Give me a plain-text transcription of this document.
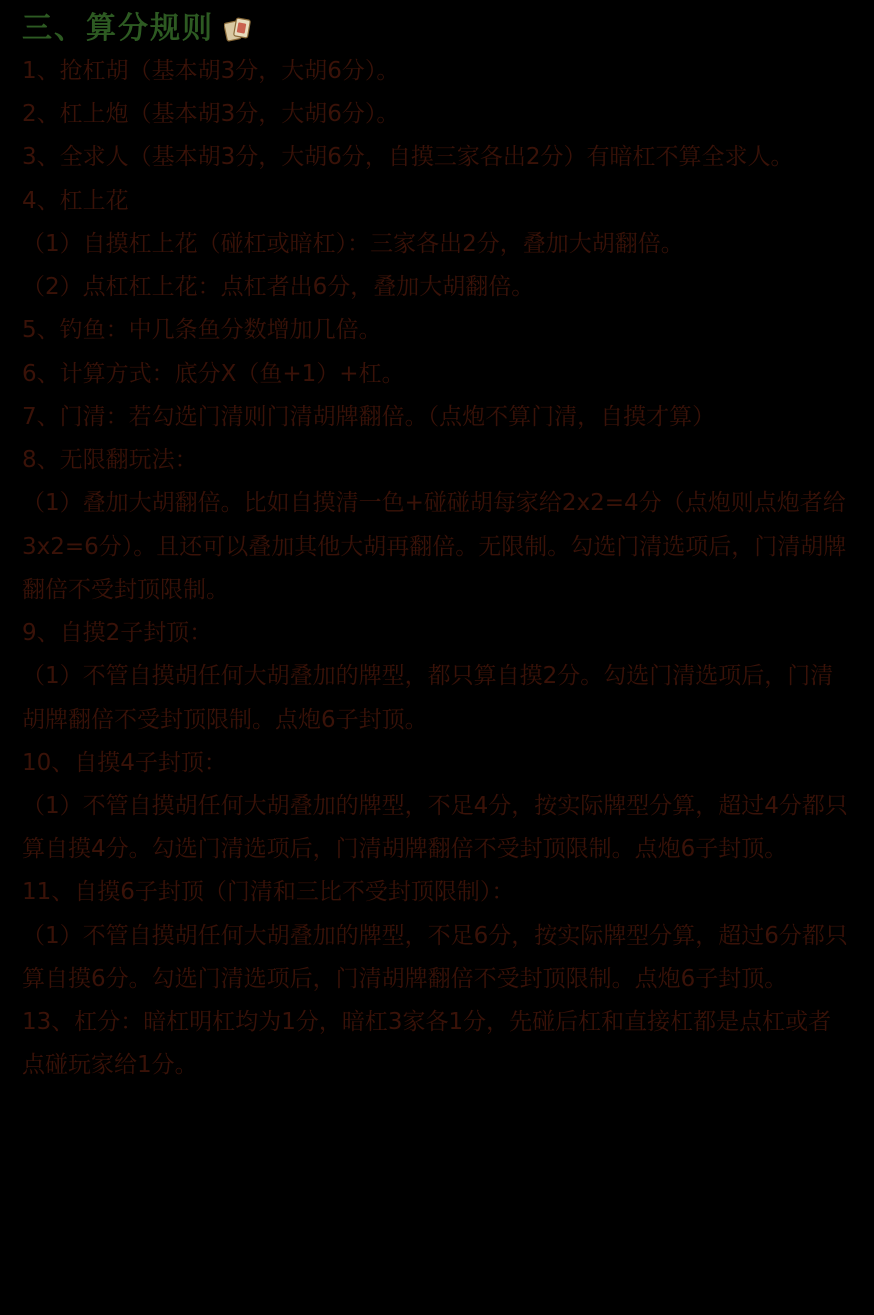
三、算分规则
1、抢杠胡（基本胡3分，大胡6分）。
2、杠上炮（基本胡3分，大胡6分）。
3、全求人（基本胡3分，大胡6分，自摸三家各出2分）有暗杠不算全求人。
4、杠上花
（1）自摸杠上花（碰杠或暗杠）：三家各出2分，叠加大胡翻倍。
（2）点杠杠上花：点杠者出6分，叠加大胡翻倍。
5、钓鱼：中几条鱼分数增加几倍。
6、计算方式：底分X（鱼+1）+杠。
7、门清：若勾选门清则门清胡牌翻倍。（点炮不算门清，自摸才算）
8、无限翻玩法：
（1）叠加大胡翻倍。比如自摸清一色+碰碰胡每家给2x2=4分（点炮则点炮者给3x2=6分）。且还可以叠加其他大胡再翻倍。无限制。勾选门清选项后，门清胡牌翻倍不受封顶限制。
9、自摸2子封顶：
（1）不管自摸胡任何大胡叠加的牌型，都只算自摸2分。勾选门清选项后，门清胡牌翻倍不受封顶限制。点炮6子封顶。
10、自摸4子封顶：
（1）不管自摸胡任何大胡叠加的牌型，不足4分，按实际牌型分算，超过4分都只算自摸4分。勾选门清选项后，门清胡牌翻倍不受封顶限制。点炮6子封顶。
11、自摸6子封顶（门清和三比不受封顶限制）：
（1）不管自摸胡任何大胡叠加的牌型，不足6分，按实际牌型分算，超过6分都只算自摸6分。勾选门清选项后，门清胡牌翻倍不受封顶限制。点炮6子封顶。
13、杠分：暗杠明杠均为1分，暗杠3家各1分，先碰后杠和直接杠都是点杠或者点碰玩家给1分。
